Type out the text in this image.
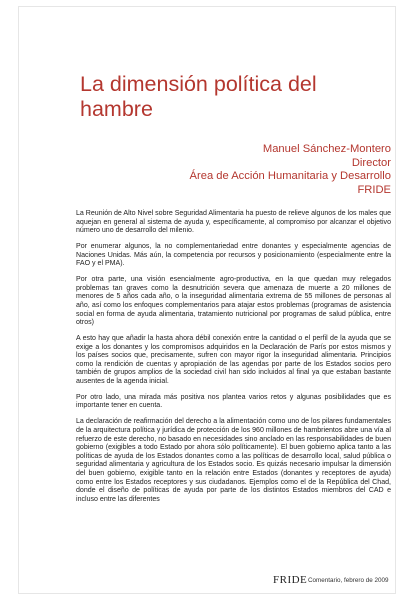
La dimensión política del hambre
Manuel Sánchez-Montero
Director
Área de Acción Humanitaria y Desarrollo
FRIDE

La Reunión de Alto Nivel sobre Seguridad Alimentaria ha puesto de relieve algunos de los males que aquejan en general al sistema de ayuda y, específicamente, al compromiso por alcanzar el objetivo número uno de desarrollo del milenio.

Por enumerar algunos, la no complementariedad entre donantes y especialmente agencias de Naciones Unidas. Más aún, la competencia por recursos y posicionamiento (especialmente entre la FAO y el PMA).

Por otra parte, una visión esencialmente agro-productiva, en la que quedan muy relegados problemas tan graves como la desnutrición severa que amenaza de muerte a 20 millones de menores de 5 años cada año, o la inseguridad alimentaria extrema de 55 millones de personas al año, así como los enfoques complementarios para atajar estos problemas (programas de asistencia social en forma de ayuda alimentaria, tratamiento nutricional por programas de salud pública, entre otros)

A esto hay que añadir la hasta ahora débil conexión entre la cantidad o el perfil de la ayuda que se exige a los donantes y los compromisos adquiridos en la Declaración de París por estos mismos y los países socios que, precisamente, sufren con mayor rigor la inseguridad alimentaria. Principios como la rendición de cuentas y apropiación de las agendas por parte de los Estados socios pero también de grupos amplios de la sociedad civil han sido incluidos al final ya que estaban bastante ausentes de la agenda inicial.

Por otro lado, una mirada más positiva nos plantea varios retos y algunas posibilidades que es importante tener en cuenta.

La declaración de reafirmación del derecho a la alimentación como uno de los pilares fundamentales de la arquitectura política y jurídica de protección de los 960 millones de hambrientos abre una vía al refuerzo de este derecho, no basado en necesidades sino anclado en las responsabilidades de buen gobierno (exigibles a todo Estado por ahora sólo políticamente). El buen gobierno aplica tanto a las políticas de ayuda de los Estados donantes como a las políticas de desarrollo local, salud pública o seguridad alimentaria y agricultura de los Estados socio. Es quizás necesario impulsar la dimensión del buen gobierno, exigible tanto en la relación entre Estados (donantes y receptores de ayuda) como entre los Estados receptores y sus ciudadanos. Ejemplos como el de la República del Chad, donde el diseño de políticas de ayuda por parte de los distintos Estados miembros del CAD e incluso entre las diferentes

FRIDE Comentario, febrero de 2009
